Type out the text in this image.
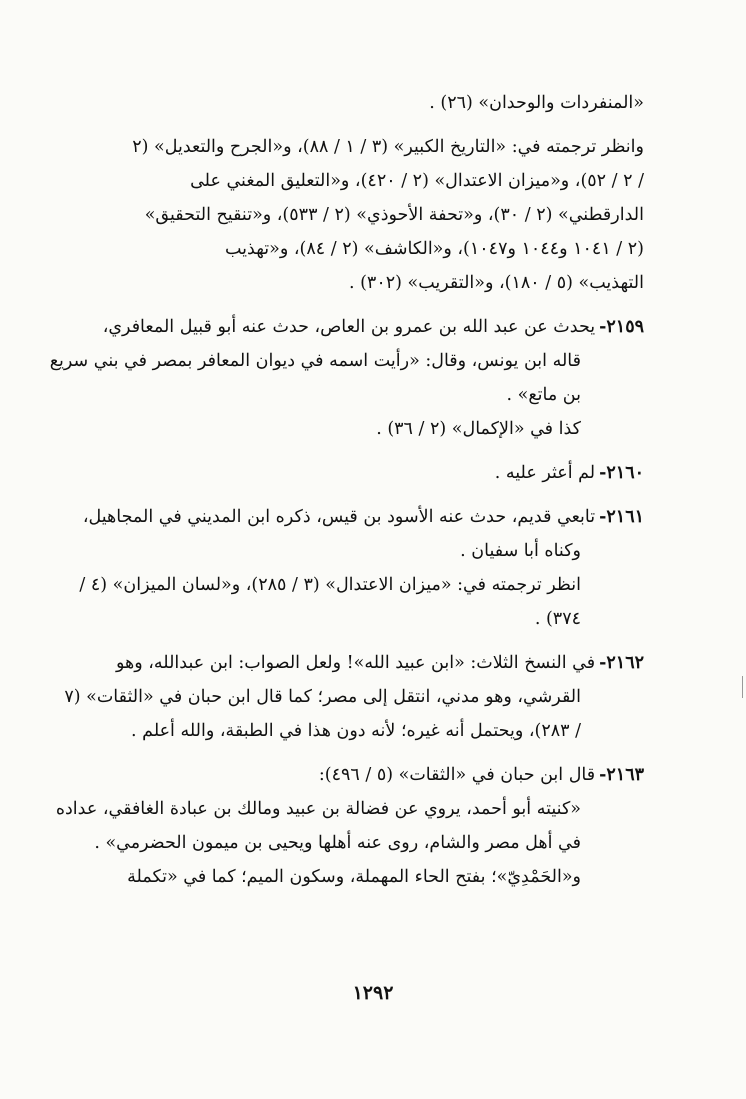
«المنفردات والوحدان» (٢٦) .
وانظر ترجمته في: «التاريخ الكبير» (٣ / ١ / ٨٨)، و«الجرح والتعديل» (٢
/ ٢ / ٥٢)، و«ميزان الاعتدال» (٢ / ٤٢٠)، و«التعليق المغني على
الدارقطني» (٢ / ٣٠)، و«تحفة الأحوذي» (٢ / ٥٣٣)، و«تنقيح التحقيق»
(٢ / ١٠٤١ و١٠٤٤ و١٠٤٧)، و«الكاشف» (٢ / ٨٤)، و«تهذيب
التهذيب» (٥ / ١٨٠)، و«التقريب» (٣٠٢) .
٢١٥٩-يحدث عن عبد الله بن عمرو بن العاص، حدث عنه أبو قبيل المعافري،
قاله ابن يونس، وقال: «رأيت اسمه في ديوان المعافر بمصر في بني سريع
بن ماتع» .
كذا في «الإكمال» (٢ / ٣٦) .
٢١٦٠-لم أعثر عليه .
٢١٦١-تابعي قديم، حدث عنه الأسود بن قيس، ذكره ابن المديني في المجاهيل،
وكناه أبا سفيان .
انظر ترجمته في: «ميزان الاعتدال» (٣ / ٢٨٥)، و«لسان الميزان» (٤ /
٣٧٤) .
٢١٦٢-في النسخ الثلاث: «ابن عبيد الله»! ولعل الصواب: ابن عبدالله، وهو
القرشي، وهو مدني، انتقل إلى مصر؛ كما قال ابن حبان في «الثقات» (٧
/ ٢٨٣)، ويحتمل أنه غيره؛ لأنه دون هذا في الطبقة، والله أعلم .
٢١٦٣-قال ابن حبان في «الثقات» (٥ / ٤٩٦):
«كنيته أبو أحمد، يروي عن فضالة بن عبيد ومالك بن عبادة الغافقي، عداده
في أهل مصر والشام، روى عنه أهلها ويحيى بن ميمون الحضرمي» .
و«الحَمْدِيّ»؛ بفتح الحاء المهملة، وسكون الميم؛ كما في «تكملة
١٢٩٢
